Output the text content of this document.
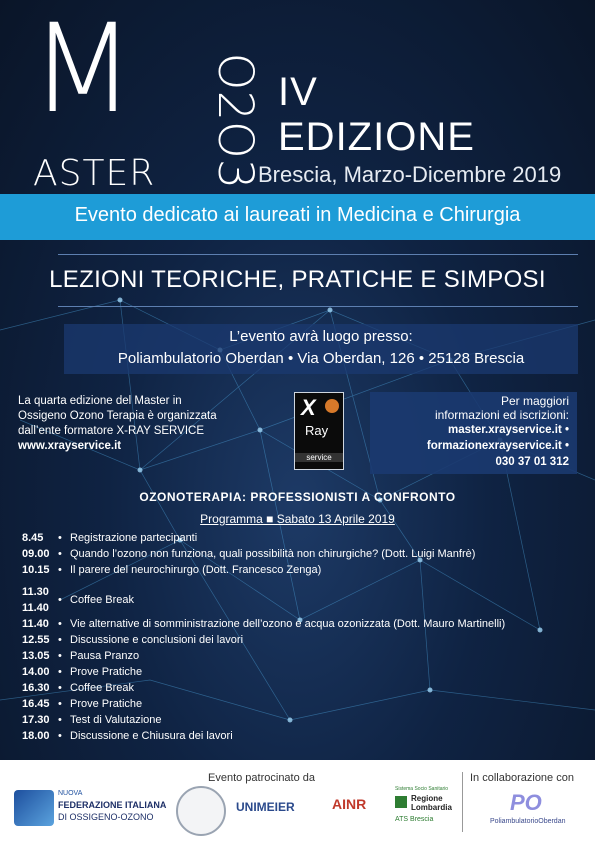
M
ASTER O2O3 IV EDIZIONE
Brescia, Marzo-Dicembre 2019
Evento dedicato ai laureati in Medicina e Chirurgia
LEZIONI TEORICHE, PRATICHE E SIMPOSI
L’evento avrà luogo presso:
Poliambulatorio Oberdan • Via Oberdan, 126 • 25128 Brescia
La quarta edizione del Master in
Ossigeno Ozono Terapia è organizzata
dall’ente formatore X-RAY SERVICE
www.xrayservice.it
X
Ray
service
Per maggiori
informazioni ed iscrizioni:
master.xrayservice.it •
formazionexrayservice.it •
030 37 01 312
OZONOTERAPIA: PROFESSIONISTI A CONFRONTO
Programma ■ Sabato 13 Aprile 2019
8.45• Registrazione partecipanti
09.00• Quando l’ozono non funziona, quali possibilità non chirurgiche? (Dott. Luigi Manfrè)
10.15• Il parere del neurochirurgo (Dott. Francesco Zenga)
11.30
• Coffee Break
11.40
11.40• Vie alternative di somministrazione dell’ozono e acqua ozonizzata (Dott. Mauro Martinelli)
12.55• Discussione e conclusioni dei lavori
13.05• Pausa Pranzo
14.00• Prove Pratiche
16.30• Coffee Break
16.45• Prove Pratiche
17.30• Test di Valutazione
18.00• Discussione e Chiusura dei lavori
Evento patrocinato da	In collaborazione con
NUOVA
FEDERAZIONE ITALIANA
DI OSSIGENO-OZONO
UNIMEIER	AINR
Sistema Socio Sanitario
Regione
Lombardia
ATS Brescia
PO
PoliambulatorioOberdan
